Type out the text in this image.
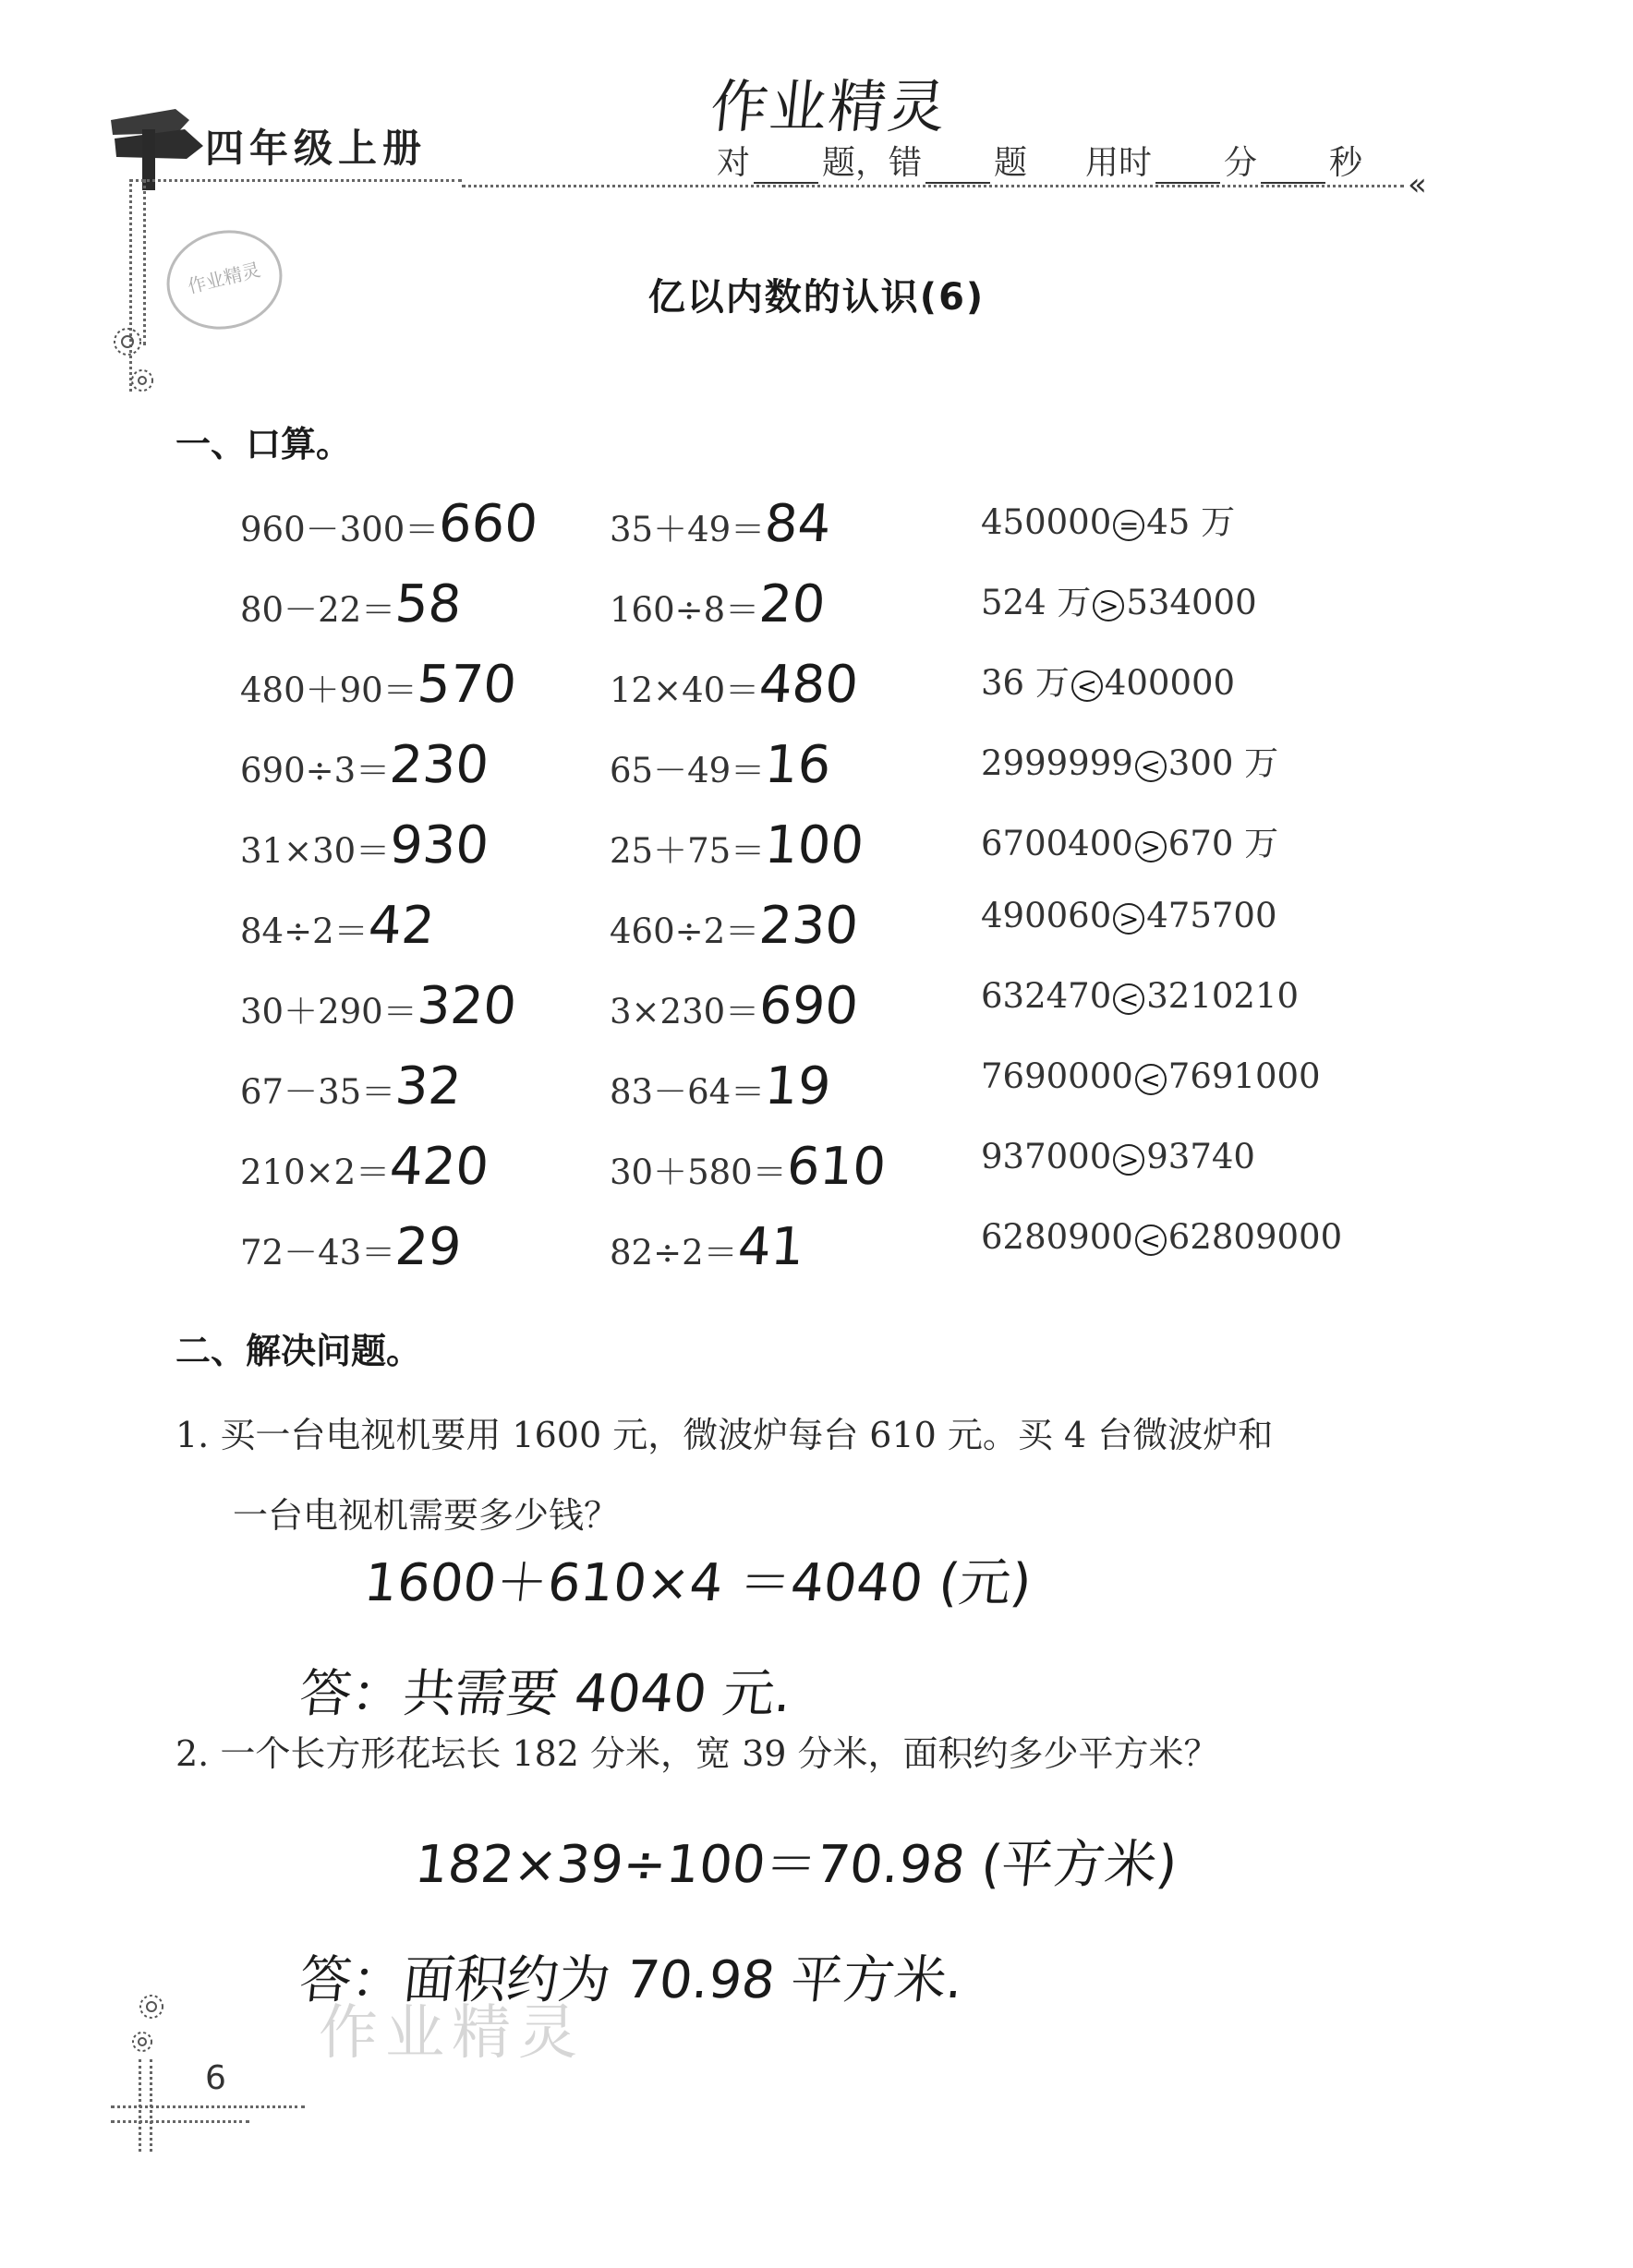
四年级上册
作业精灵
对 题，错 题 用时 分 秒
«
作业精灵	亿以内数的认识(6)
一、口算。
960－300＝660
80－22＝58
480＋90＝570
690÷3＝230
31×30＝930
84÷2＝42
30＋290＝320
67－35＝32
210×2＝420
72－43＝29
35＋49＝84
160÷8＝20
12×40＝480
65－49＝16
25＋75＝100
460÷2＝230
3×230＝690
83－64＝19
30＋580＝610
82÷2＝41
450000 = 45 万
524 万 > 534000
36 万 < 400000
2999999 < 300 万
6700400 > 670 万
490060 > 475700
632470 < 3210210
7690000 < 7691000
937000 > 93740
6280900 < 62809000
二、解决问题。
1. 买一台电视机要用 1600 元，微波炉每台 610 元。买 4 台微波炉和
一台电视机需要多少钱？
1600＋610×4 ＝4040 (元)
答：共需要 4040 元.
2. 一个长方形花坛长 182 分米，宽 39 分米，面积约多少平方米？
182×39÷100＝70.98 (平方米)
答：面积约为 70.98 平方米.
6
作业精灵
